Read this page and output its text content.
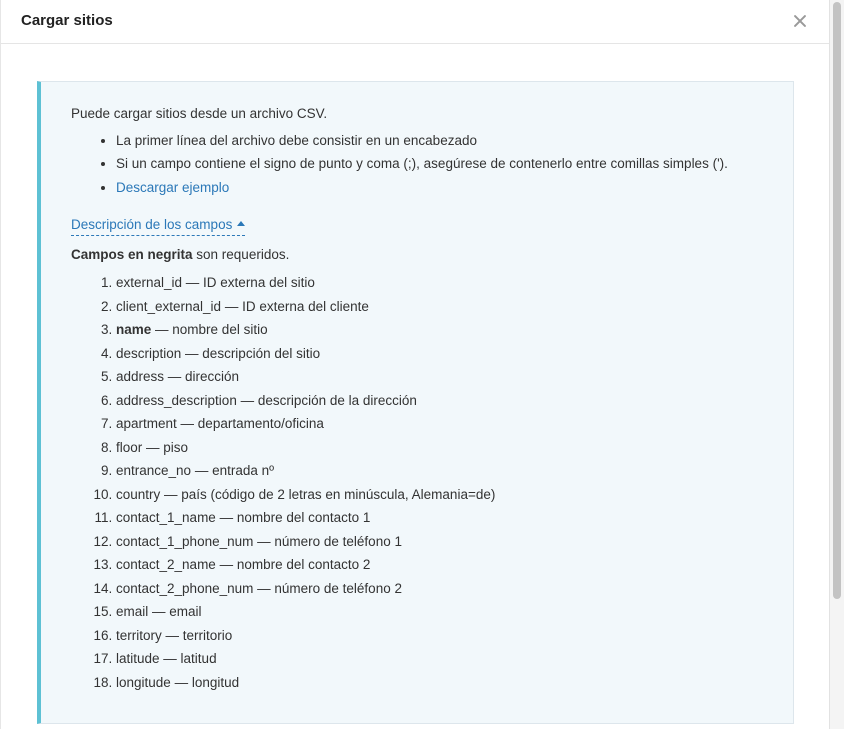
Cargar sitios

Puede cargar sitios desde un archivo CSV.

• La primer línea del archivo debe consistir en un encabezado
• Si un campo contiene el signo de punto y coma (;), asegúrese de contenerlo entre comillas simples (').
• Descargar ejemplo
Descripción de los campos

Campos en negrita son requeridos.

1. external_id — ID externa del sitio
2. client_external_id — ID externa del cliente
3. name — nombre del sitio
4. description — descripción del sitio
5. address — dirección
6. address_description — descripción de la dirección
7. apartment — departamento/oficina
8. floor — piso
9. entrance_no — entrada nº
10. country — país (código de 2 letras en minúscula, Alemania=de)
11. contact_1_name — nombre del contacto 1
12. contact_1_phone_num — número de teléfono 1
13. contact_2_name — nombre del contacto 2
14. contact_2_phone_num — número de teléfono 2
15. email — email
16. territory — territorio
17. latitude — latitud
18. longitude — longitud
